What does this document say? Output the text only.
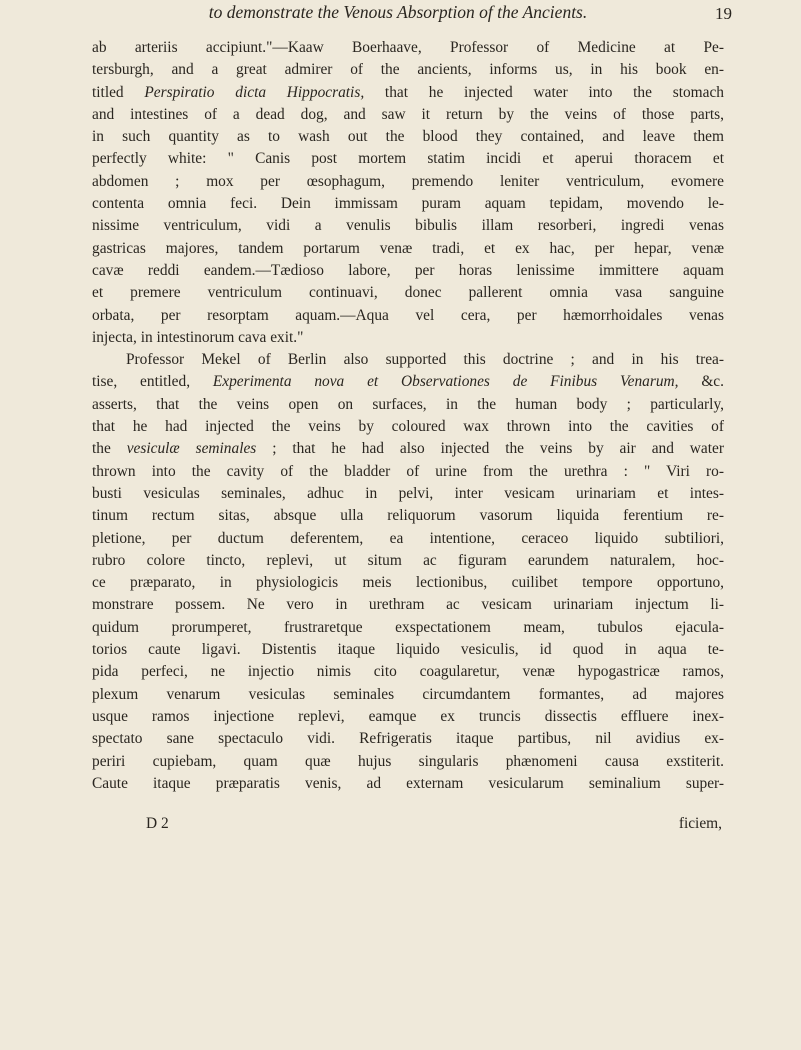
to demonstrate the Venous Absorption of the Ancients.	19
ab arteriis accipiunt."—Kaaw Boerhaave, Professor of Medicine at Pe-
tersburgh, and a great admirer of the ancients, informs us, in his book en-
titled Perspiratio dicta Hippocratis, that he injected water into the stomach
and intestines of a dead dog, and saw it return by the veins of those parts,
in such quantity as to wash out the blood they contained, and leave them
perfectly white: " Canis post mortem statim incidi et aperui thoracem et
abdomen ; mox per œsophagum, premendo leniter ventriculum, evomere
contenta omnia feci. Dein immissam puram aquam tepidam, movendo le-
nissime ventriculum, vidi a venulis bibulis illam resorberi, ingredi venas
gastricas majores, tandem portarum venæ tradi, et ex hac, per hepar, venæ
cavæ reddi eandem.—Tædioso labore, per horas lenissime immittere aquam
et premere ventriculum continuavi, donec pallerent omnia vasa sanguine
orbata, per resorptam aquam.—Aqua vel cera, per hæmorrhoidales venas
injecta, in intestinorum cava exit."
Professor Mekel of Berlin also supported this doctrine ; and in his trea-
tise, entitled, Experimenta nova et Observationes de Finibus Venarum, &c.
asserts, that the veins open on surfaces, in the human body ; particularly,
that he had injected the veins by coloured wax thrown into the cavities of
the vesiculæ seminales ; that he had also injected the veins by air and water
thrown into the cavity of the bladder of urine from the urethra : " Viri ro-
busti vesiculas seminales, adhuc in pelvi, inter vesicam urinariam et intes-
tinum rectum sitas, absque ulla reliquorum vasorum liquida ferentium re-
pletione, per ductum deferentem, ea intentione, ceraceo liquido subtiliori,
rubro colore tincto, replevi, ut situm ac figuram earundem naturalem, hoc-
ce præparato, in physiologicis meis lectionibus, cuilibet tempore opportuno,
monstrare possem. Ne vero in urethram ac vesicam urinariam injectum li-
quidum prorumperet, frustraretque exspectationem meam, tubulos ejacula-
torios caute ligavi. Distentis itaque liquido vesiculis, id quod in aqua te-
pida perfeci, ne injectio nimis cito coagularetur, venæ hypogastricæ ramos,
plexum venarum vesiculas seminales circumdantem formantes, ad majores
usque ramos injectione replevi, eamque ex truncis dissectis effluere inex-
spectato sane spectaculo vidi. Refrigeratis itaque partibus, nil avidius ex-
periri cupiebam, quam quæ hujus singularis phænomeni causa exstiterit.
Caute itaque præparatis venis, ad externam vesicularum seminalium super-
D 2	ficiem,
